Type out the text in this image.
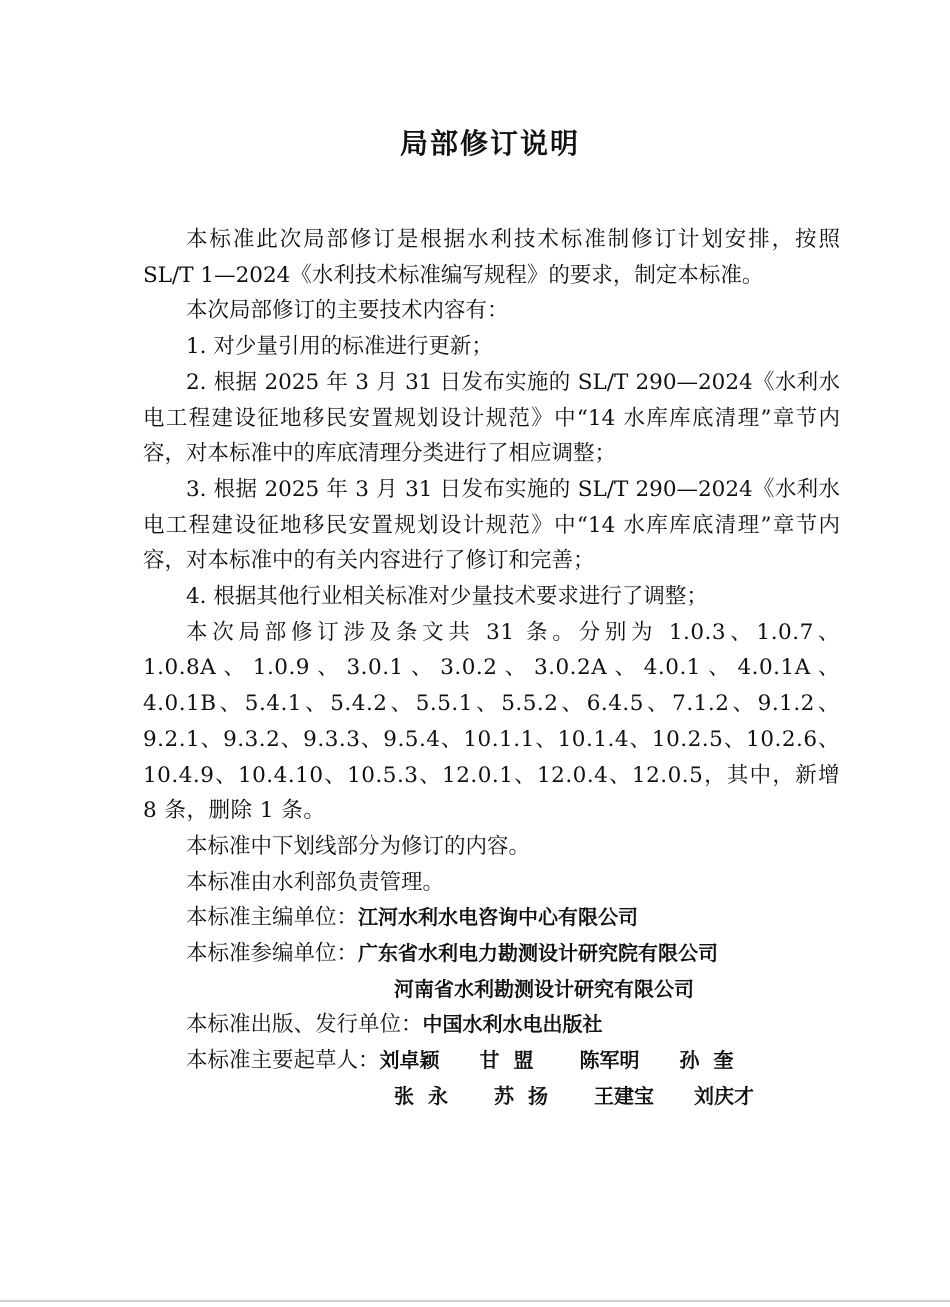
局部修订说明

本标准此次局部修订是根据水利技术标准制修订计划安排，按照 SL/T 1—2024《水利技术标准编写规程》的要求，制定本标准。

本次局部修订的主要技术内容有：

1. 对少量引用的标准进行更新；

2. 根据 2025 年 3 月 31 日发布实施的 SL/T 290—2024《水利水电工程建设征地移民安置规划设计规范》中“14 水库库底清理”章节内容，对本标准中的库底清理分类进行了相应调整；

3. 根据 2025 年 3 月 31 日发布实施的 SL/T 290—2024《水利水电工程建设征地移民安置规划设计规范》中“14 水库库底清理”章节内容，对本标准中的有关内容进行了修订和完善；

4. 根据其他行业相关标准对少量技术要求进行了调整；

本次局部修订涉及条文共 31 条。分别为 1.0.3、1.0.7、1.0.8A、1.0.9、3.0.1、3.0.2、3.0.2A、4.0.1、4.0.1A、4.0.1B、5.4.1、5.4.2、5.5.1、5.5.2、6.4.5、7.1.2、9.1.2、9.2.1、9.3.2、9.3.3、9.5.4、10.1.1、10.1.4、10.2.5、10.2.6、10.4.9、10.4.10、10.5.3、12.0.1、12.0.4、12.0.5，其中，新增 8 条，删除 1 条。

本标准中下划线部分为修订的内容。

本标准由水利部负责管理。

本标准主编单位：江河水利水电咨询中心有限公司

本标准参编单位：广东省水利电力勘测设计研究院有限公司

河南省水利勘测设计研究有限公司

本标准出版、发行单位：中国水利水电出版社

本标准主要起草人：刘卓颖 甘盟 陈军明 孙奎

张永 苏扬 王建宝 刘庆才
